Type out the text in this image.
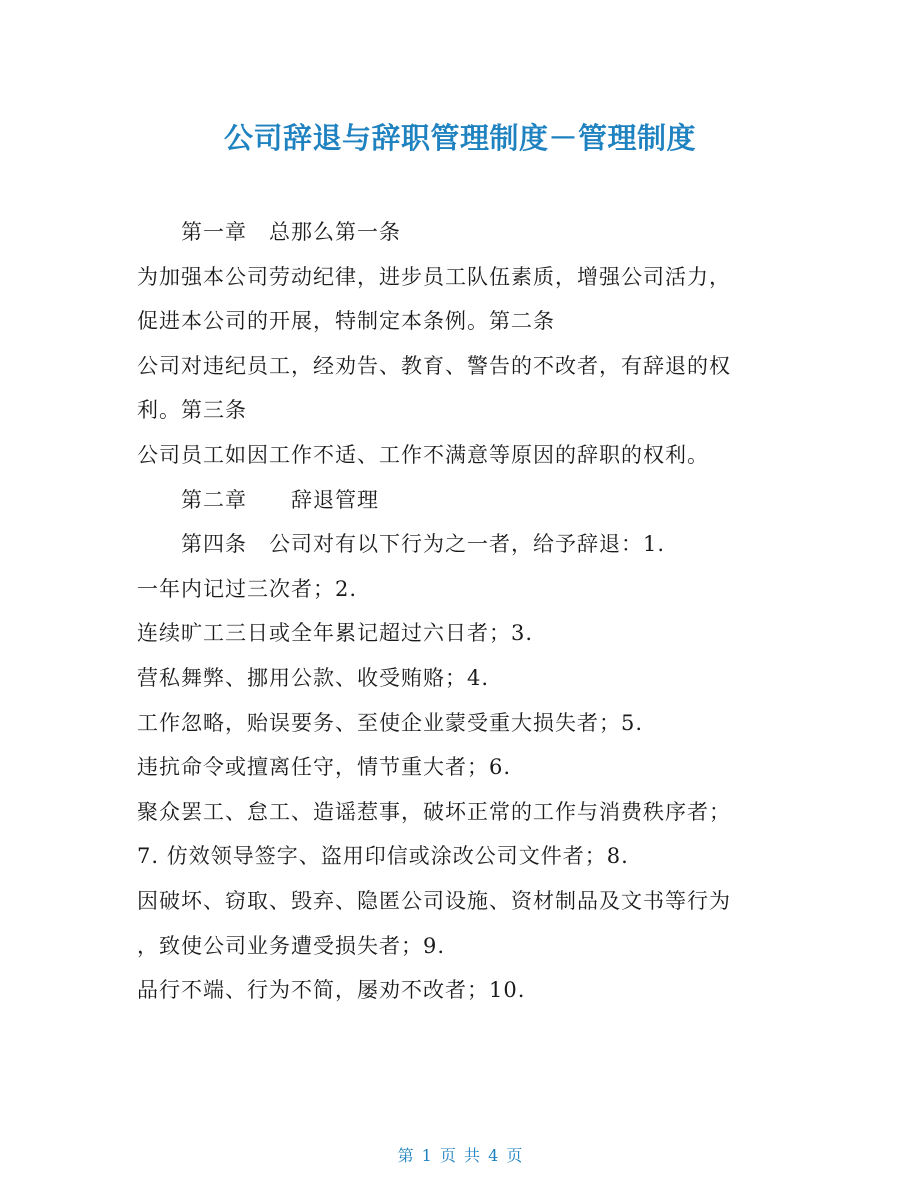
公司辞退与辞职管理制度－管理制度
第一章　总那么第一条
为加强本公司劳动纪律，进步员工队伍素质，增强公司活力，
促进本公司的开展，特制定本条例。第二条
公司对违纪员工，经劝告、教育、警告的不改者，有辞退的权
利。第三条
公司员工如因工作不适、工作不满意等原因的辞职的权利。
第二章　　辞退管理
第四条　公司对有以下行为之一者，给予辞退：1.
一年内记过三次者；2.
连续旷工三日或全年累记超过六日者；3.
营私舞弊、挪用公款、收受贿赂；4.
工作忽略，贻误要务、至使企业蒙受重大损失者；5.
违抗命令或擅离任守，情节重大者；6.
聚众罢工、怠工、造谣惹事，破坏正常的工作与消费秩序者；
7. 仿效领导签字、盗用印信或涂改公司文件者；8.
因破坏、窃取、毁弃、隐匿公司设施、资材制品及文书等行为
，致使公司业务遭受损失者；9.
品行不端、行为不简，屡劝不改者；10.
第 1 页 共 4 页
